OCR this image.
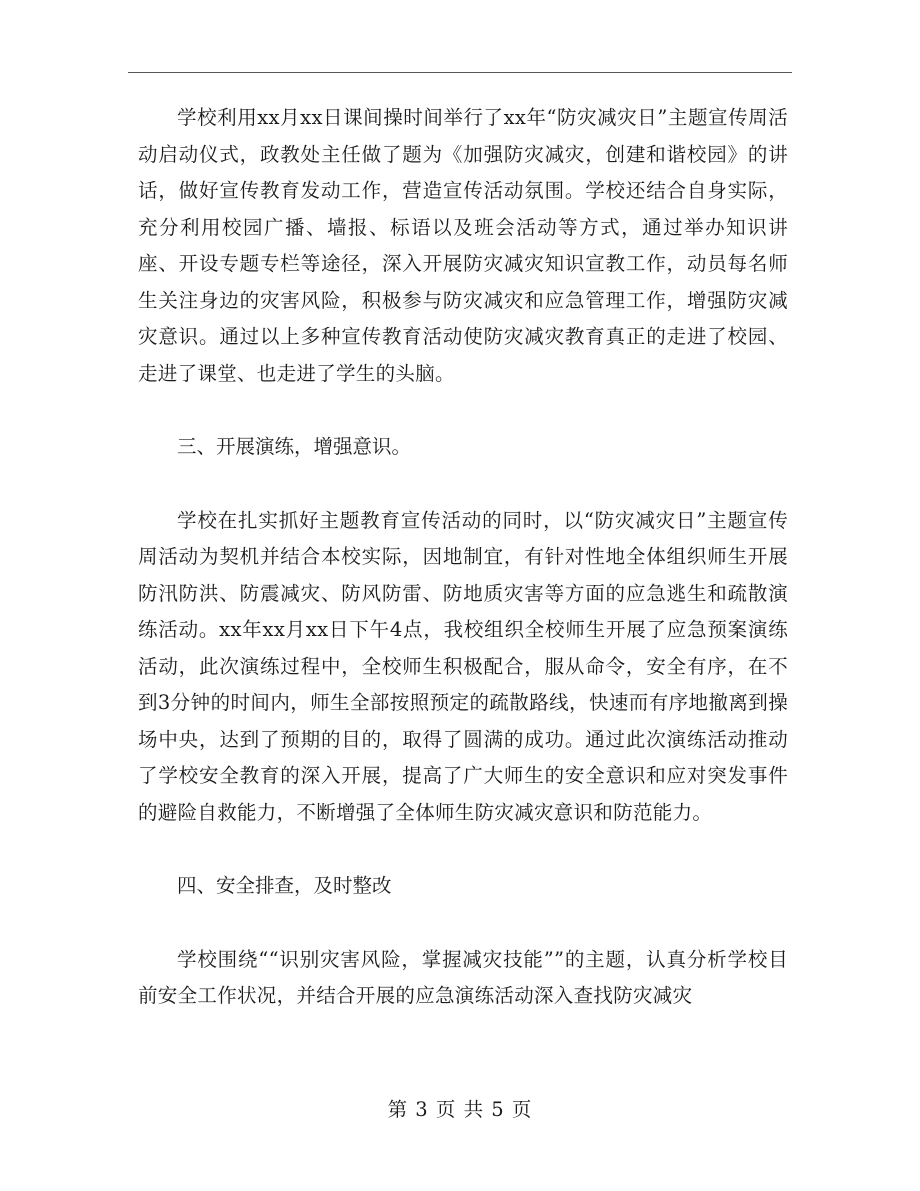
学校利用xx月xx日课间操时间举行了xx年“防灾减灾日”主题宣传周活动启动仪式，政教处主任做了题为《加强防灾减灾，创建和谐校园》的讲话，做好宣传教育发动工作，营造宣传活动氛围。学校还结合自身实际，充分利用校园广播、墙报、标语以及班会活动等方式，通过举办知识讲座、开设专题专栏等途径，深入开展防灾减灾知识宣教工作，动员每名师生关注身边的灾害风险，积极参与防灾减灾和应急管理工作，增强防灾减灾意识。通过以上多种宣传教育活动使防灾减灾教育真正的走进了校园、走进了课堂、也走进了学生的头脑。

三、开展演练，增强意识。

学校在扎实抓好主题教育宣传活动的同时，以“防灾减灾日”主题宣传周活动为契机并结合本校实际，因地制宜，有针对性地全体组织师生开展防汛防洪、防震减灾、防风防雷、防地质灾害等方面的应急逃生和疏散演练活动。xx年xx月xx日下午4点，我校组织全校师生开展了应急预案演练活动，此次演练过程中，全校师生积极配合，服从命令，安全有序，在不到3分钟的时间内，师生全部按照预定的疏散路线，快速而有序地撤离到操场中央，达到了预期的目的，取得了圆满的成功。通过此次演练活动推动了学校安全教育的深入开展，提高了广大师生的安全意识和应对突发事件的避险自救能力，不断增强了全体师生防灾减灾意识和防范能力。

四、安全排查，及时整改

学校围绕““识别灾害风险，掌握减灾技能””的主题，认真分析学校目前安全工作状况，并结合开展的应急演练活动深入查找防灾减灾

第 3 页 共 5 页
